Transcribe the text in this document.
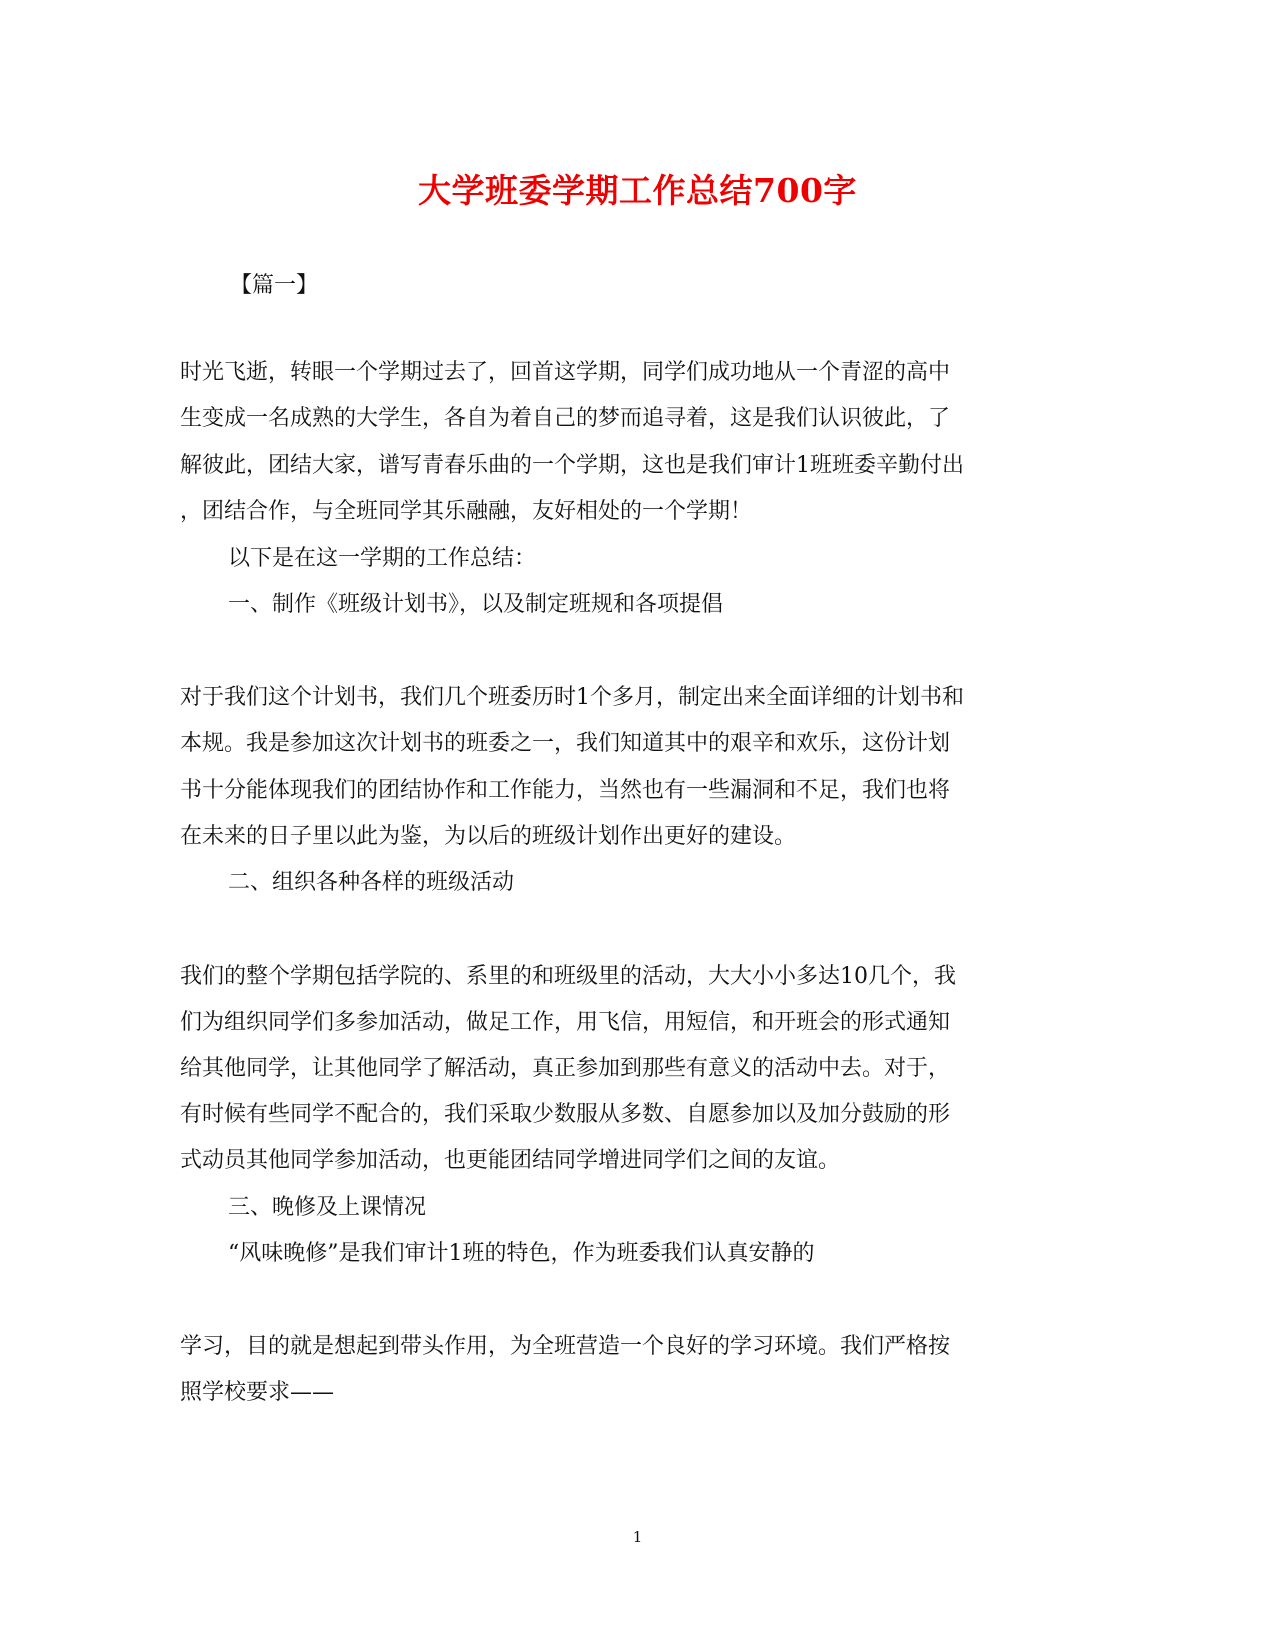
大学班委学期工作总结700字
【篇一】
时光飞逝，转眼一个学期过去了，回首这学期，同学们成功地从一个青涩的高中
生变成一名成熟的大学生，各自为着自己的梦而追寻着，这是我们认识彼此，了
解彼此，团结大家，谱写青春乐曲的一个学期，这也是我们审计1班班委辛勤付出
，团结合作，与全班同学其乐融融，友好相处的一个学期！
以下是在这一学期的工作总结：
一、制作《班级计划书》，以及制定班规和各项提倡
对于我们这个计划书，我们几个班委历时1个多月，制定出来全面详细的计划书和
本规。我是参加这次计划书的班委之一，我们知道其中的艰辛和欢乐，这份计划
书十分能体现我们的团结协作和工作能力，当然也有一些漏洞和不足，我们也将
在未来的日子里以此为鉴，为以后的班级计划作出更好的建设。
二、组织各种各样的班级活动
我们的整个学期包括学院的、系里的和班级里的活动，大大小小多达10几个，我
们为组织同学们多参加活动，做足工作，用飞信，用短信，和开班会的形式通知
给其他同学，让其他同学了解活动，真正参加到那些有意义的活动中去。对于，
有时候有些同学不配合的，我们采取少数服从多数、自愿参加以及加分鼓励的形
式动员其他同学参加活动，也更能团结同学增进同学们之间的友谊。
三、晚修及上课情况
“风味晚修”是我们审计1班的特色，作为班委我们认真安静的
学习，目的就是想起到带头作用，为全班营造一个良好的学习环境。我们严格按
照学校要求——
1
